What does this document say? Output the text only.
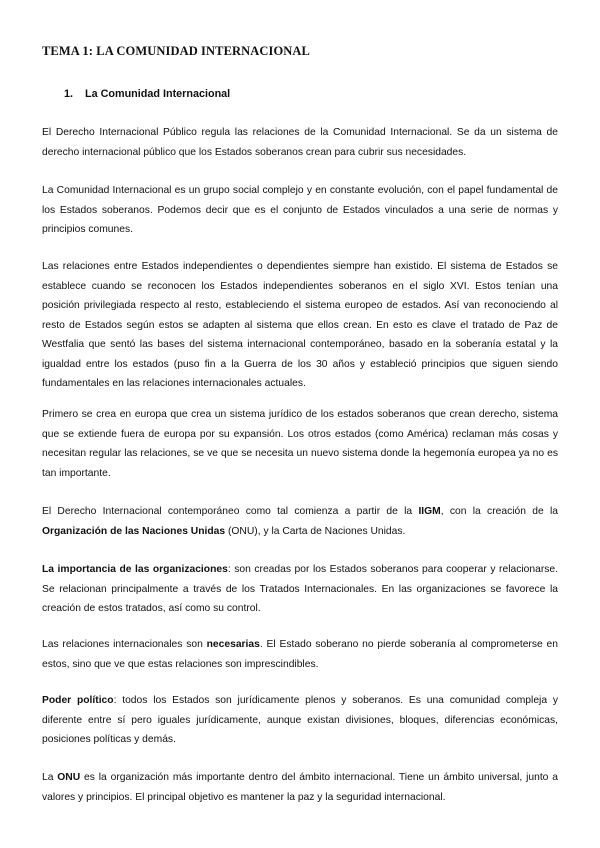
TEMA 1: LA COMUNIDAD INTERNACIONAL
1. La Comunidad Internacional

El Derecho Internacional Público regula las relaciones de la Comunidad Internacional. Se da un sistema de derecho internacional público que los Estados soberanos crean para cubrir sus necesidades.

La Comunidad Internacional es un grupo social complejo y en constante evolución, con el papel fundamental de los Estados soberanos. Podemos decir que es el conjunto de Estados vinculados a una serie de normas y principios comunes.

Las relaciones entre Estados independientes o dependientes siempre han existido. El sistema de Estados se establece cuando se reconocen los Estados independientes soberanos en el siglo XVI. Estos tenían una posición privilegiada respecto al resto, estableciendo el sistema europeo de estados. Así van reconociendo al resto de Estados según estos se adapten al sistema que ellos crean. En esto es clave el tratado de Paz de Westfalia que sentó las bases del sistema internacional contemporáneo, basado en la soberanía estatal y la igualdad entre los estados (puso fin a la Guerra de los 30 años y estableció principios que siguen siendo fundamentales en las relaciones internacionales actuales.

Primero se crea en europa que crea un sistema jurídico de los estados soberanos que crean derecho, sistema que se extiende fuera de europa por su expansión. Los otros estados (como América) reclaman más cosas y necesitan regular las relaciones, se ve que se necesita un nuevo sistema donde la hegemonía europea ya no es tan importante.

El Derecho Internacional contemporáneo como tal comienza a partir de la IIGM, con la creación de la Organización de las Naciones Unidas (ONU), y la Carta de Naciones Unidas.

La importancia de las organizaciones: son creadas por los Estados soberanos para cooperar y relacionarse. Se relacionan principalmente a través de los Tratados Internacionales. En las organizaciones se favorece la creación de estos tratados, así como su control.

Las relaciones internacionales son necesarias. El Estado soberano no pierde soberanía al comprometerse en estos, sino que ve que estas relaciones son imprescindibles.

Poder político: todos los Estados son jurídicamente plenos y soberanos. Es una comunidad compleja y diferente entre sí pero iguales jurídicamente, aunque existan divisiones, bloques, diferencias económicas, posiciones políticas y demás.

La ONU es la organización más importante dentro del ámbito internacional. Tiene un ámbito universal, junto a valores y principios. El principal objetivo es mantener la paz y la seguridad internacional.
